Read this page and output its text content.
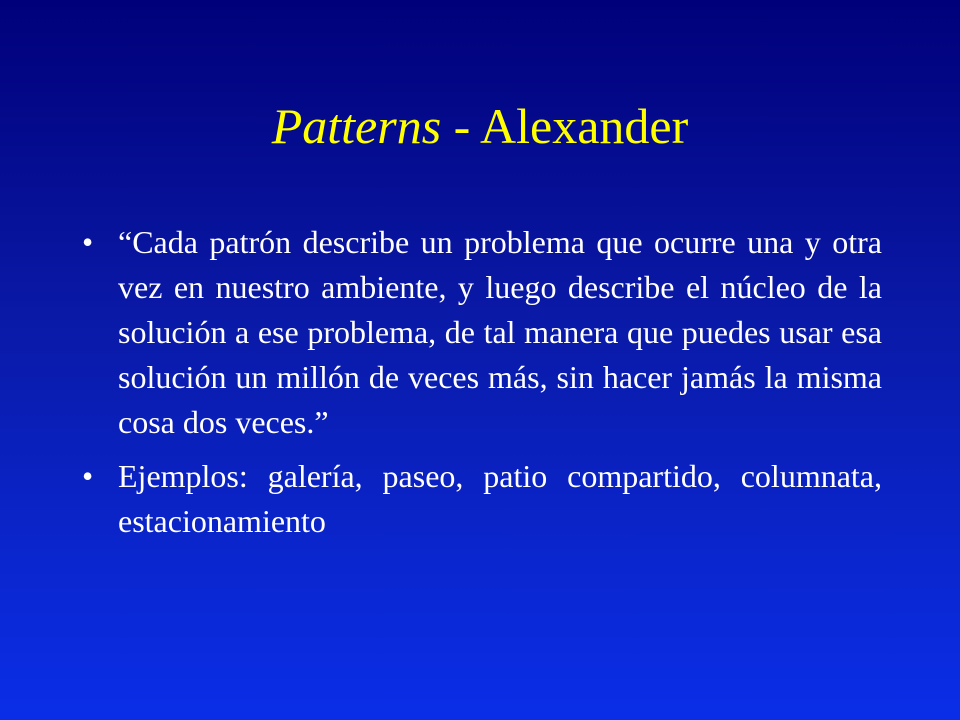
Patterns - Alexander
• “Cada patrón describe un problema que ocurre una y otra vez en nuestro ambiente, y luego describe el núcleo de la solución a ese problema, de tal manera que puedes usar esa solución un millón de veces más, sin hacer jamás la misma cosa dos veces.”
• Ejemplos: galería, paseo, patio compartido, columnata, estacionamiento
